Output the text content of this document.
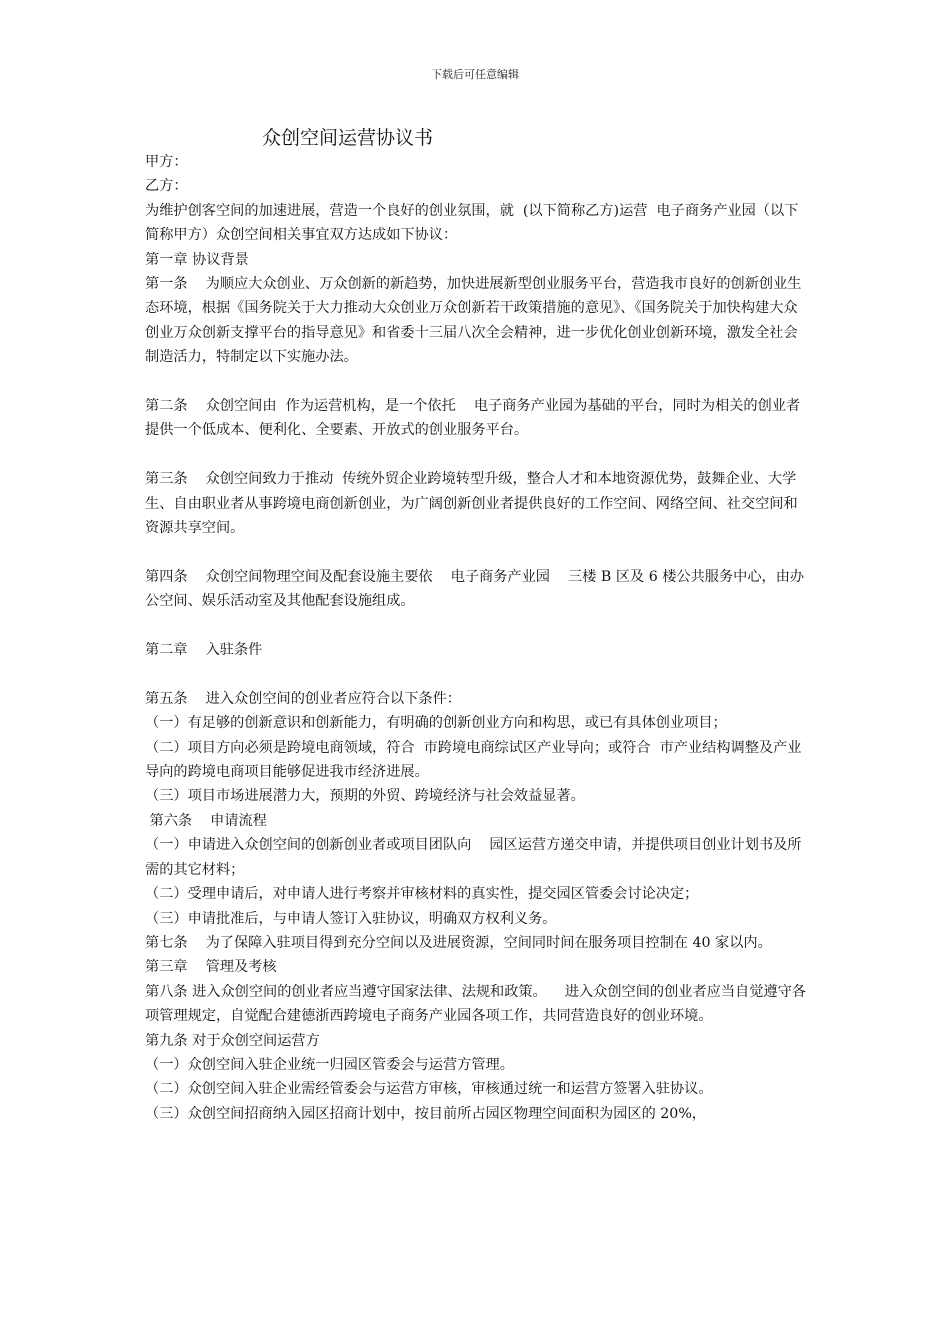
下载后可任意编辑
众创空间运营协议书

甲方：

乙方：

为维护创客空间的加速进展，营造一个良好的创业氛围，就  (以下简称乙方)运营  电子商务产业园（以下简称甲方）众创空间相关事宜双方达成如下协议：

第一章 协议背景

第一条    为顺应大众创业、万众创新的新趋势，加快进展新型创业服务平台，营造我市良好的创新创业生态环境，根据《国务院关于大力推动大众创业万众创新若干政策措施的意见》、《国务院关于加快构建大众创业万众创新支撑平台的指导意见》和省委十三届八次全会精神，进一步优化创业创新环境，激发全社会制造活力，特制定以下实施办法。

第二条    众创空间由  作为运营机构，是一个依托    电子商务产业园为基础的平台，同时为相关的创业者提供一个低成本、便利化、全要素、开放式的创业服务平台。

第三条    众创空间致力于推动  传统外贸企业跨境转型升级，整合人才和本地资源优势，鼓舞企业、大学生、自由职业者从事跨境电商创新创业，为广阔创新创业者提供良好的工作空间、网络空间、社交空间和资源共享空间。

第四条    众创空间物理空间及配套设施主要依    电子商务产业园    三楼 B 区及 6 楼公共服务中心，由办公空间、娱乐活动室及其他配套设施组成。

第二章    入驻条件

第五条    进入众创空间的创业者应符合以下条件：

（一）有足够的创新意识和创新能力，有明确的创新创业方向和构思，或已有具体创业项目；

（二）项目方向必须是跨境电商领域，符合  市跨境电商综试区产业导向；或符合  市产业结构调整及产业导向的跨境电商项目能够促进我市经济进展。

（三）项目市场进展潜力大，预期的外贸、跨境经济与社会效益显著。

第六条    申请流程

（一）申请进入众创空间的创新创业者或项目团队向    园区运营方递交申请，并提供项目创业计划书及所需的其它材料；

（二）受理申请后，对申请人进行考察并审核材料的真实性，提交园区管委会讨论决定；

（三）申请批准后，与申请人签订入驻协议，明确双方权利义务。

第七条    为了保障入驻项目得到充分空间以及进展资源，空间同时间在服务项目控制在 40 家以内。

第三章    管理及考核

第八条 进入众创空间的创业者应当遵守国家法律、法规和政策。    进入众创空间的创业者应当自觉遵守各项管理规定，自觉配合建德浙西跨境电子商务产业园各项工作，共同营造良好的创业环境。

第九条 对于众创空间运营方

（一）众创空间入驻企业统一归园区管委会与运营方管理。

（二）众创空间入驻企业需经管委会与运营方审核，审核通过统一和运营方签署入驻协议。

（三）众创空间招商纳入园区招商计划中，按目前所占园区物理空间面积为园区的 20%，
